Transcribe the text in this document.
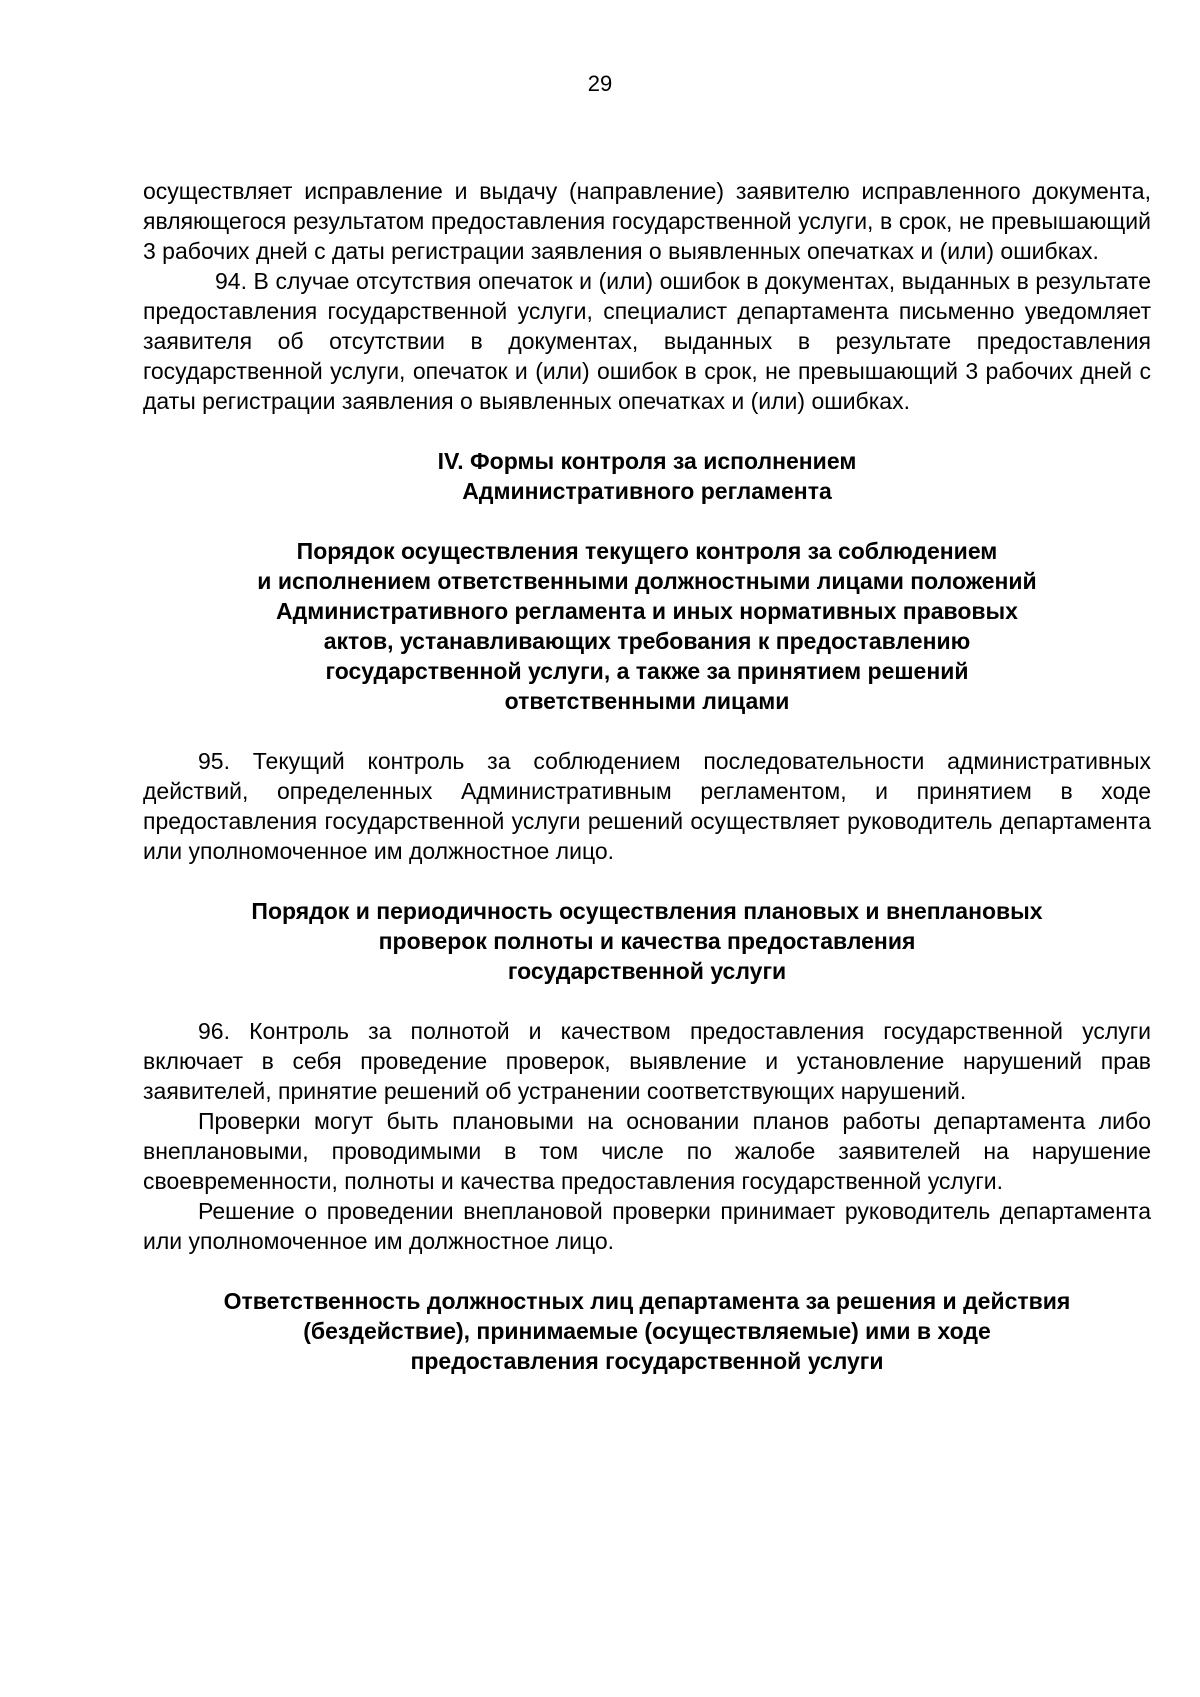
29

осуществляет исправление и выдачу (направление) заявителю исправленного документа, являющегося результатом предоставления государственной услуги, в срок, не превышающий 3 рабочих дней с даты регистрации заявления о выявленных опечатках и (или) ошибках.

94. В случае отсутствия опечаток и (или) ошибок в документах, выданных в результате предоставления государственной услуги, специалист департамента письменно уведомляет заявителя об отсутствии в документах, выданных в результате предоставления государственной услуги, опечаток и (или) ошибок в срок, не превышающий 3 рабочих дней с даты регистрации заявления о выявленных опечатках и (или) ошибках.

IV. Формы контроля за исполнением
Административного регламента
Порядок осуществления текущего контроля за соблюдением
и исполнением ответственными должностными лицами положений
Административного регламента и иных нормативных правовых
актов, устанавливающих требования к предоставлению
государственной услуги, а также за принятием решений
ответственными лицами

95. Текущий контроль за соблюдением последовательности административных действий, определенных Административным регламентом, и принятием в ходе предоставления государственной услуги решений осуществляет руководитель департамента или уполномоченное им должностное лицо.

Порядок и периодичность осуществления плановых и внеплановых
проверок полноты и качества предоставления
государственной услуги

96. Контроль за полнотой и качеством предоставления государственной услуги включает в себя проведение проверок, выявление и установление нарушений прав заявителей, принятие решений об устранении соответствующих нарушений.

Проверки могут быть плановыми на основании планов работы департамента либо внеплановыми, проводимыми в том числе по жалобе заявителей на нарушение своевременности, полноты и качества предоставления государственной услуги.

Решение о проведении внеплановой проверки принимает руководитель департамента или уполномоченное им должностное лицо.

Ответственность должностных лиц департамента за решения и действия
(бездействие), принимаемые (осуществляемые) ими в ходе
предоставления государственной услуги
